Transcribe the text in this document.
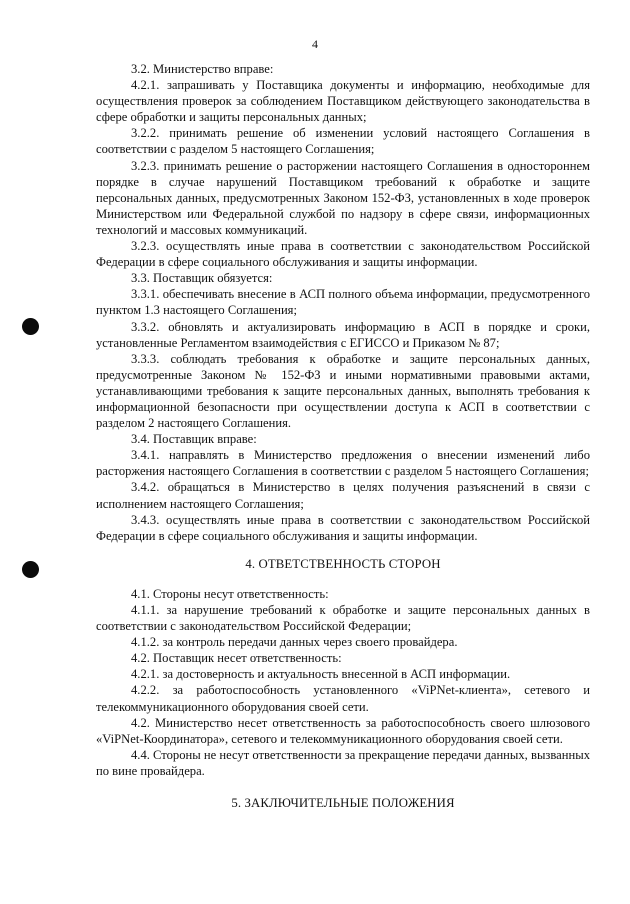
4

3.2. Министерство вправе:

4.2.1. запрашивать у Поставщика документы и информацию, необходимые для осуществления проверок за соблюдением Поставщиком действующего законодательства в сфере обработки и защиты персональных данных;

3.2.2. принимать решение об изменении условий настоящего Соглашения в соответствии с разделом 5 настоящего Соглашения;

3.2.3. принимать решение о расторжении настоящего Соглашения в одностороннем порядке в случае нарушений Поставщиком требований к обработке и защите персональных данных, предусмотренных Законом 152-ФЗ, установленных в ходе проверок Министерством или Федеральной службой по надзору в сфере связи, информационных технологий и массовых коммуникаций.

3.2.3. осуществлять иные права в соответствии с законодательством Российской Федерации в сфере социального обслуживания и защиты информации.

3.3. Поставщик обязуется:

3.3.1. обеспечивать внесение в АСП полного объема информации, предусмотренного пунктом 1.3 настоящего Соглашения;

3.3.2. обновлять и актуализировать информацию в АСП в порядке и сроки, установленные Регламентом взаимодействия с ЕГИССО и Приказом № 87;

3.3.3. соблюдать требования к обработке и защите персональных данных, предусмотренные Законом № 152-ФЗ и иными нормативными правовыми актами, устанавливающими требования к защите персональных данных, выполнять требования к информационной безопасности при осуществлении доступа к АСП в соответствии с разделом 2 настоящего Соглашения.

3.4. Поставщик вправе:

3.4.1. направлять в Министерство предложения о внесении изменений либо расторжения настоящего Соглашения в соответствии с разделом 5 настоящего Соглашения;

3.4.2. обращаться в Министерство в целях получения разъяснений в связи с исполнением настоящего Соглашения;

3.4.3. осуществлять иные права в соответствии с законодательством Российской Федерации в сфере социального обслуживания и защиты информации.

4. ОТВЕТСТВЕННОСТЬ СТОРОН

4.1. Стороны несут ответственность:

4.1.1. за нарушение требований к обработке и защите персональных данных в соответствии с законодательством Российской Федерации;

4.1.2. за контроль передачи данных через своего провайдера.

4.2. Поставщик несет ответственность:

4.2.1. за достоверность и актуальность внесенной в АСП информации.

4.2.2. за работоспособность установленного «ViPNet-клиента», сетевого и телекоммуникационного оборудования своей сети.

4.2. Министерство несет ответственность за работоспособность своего шлюзового «ViPNet-Координатора», сетевого и телекоммуникационного оборудования своей сети.

4.4. Стороны не несут ответственности за прекращение передачи данных, вызванных по вине провайдера.

5. ЗАКЛЮЧИТЕЛЬНЫЕ ПОЛОЖЕНИЯ
